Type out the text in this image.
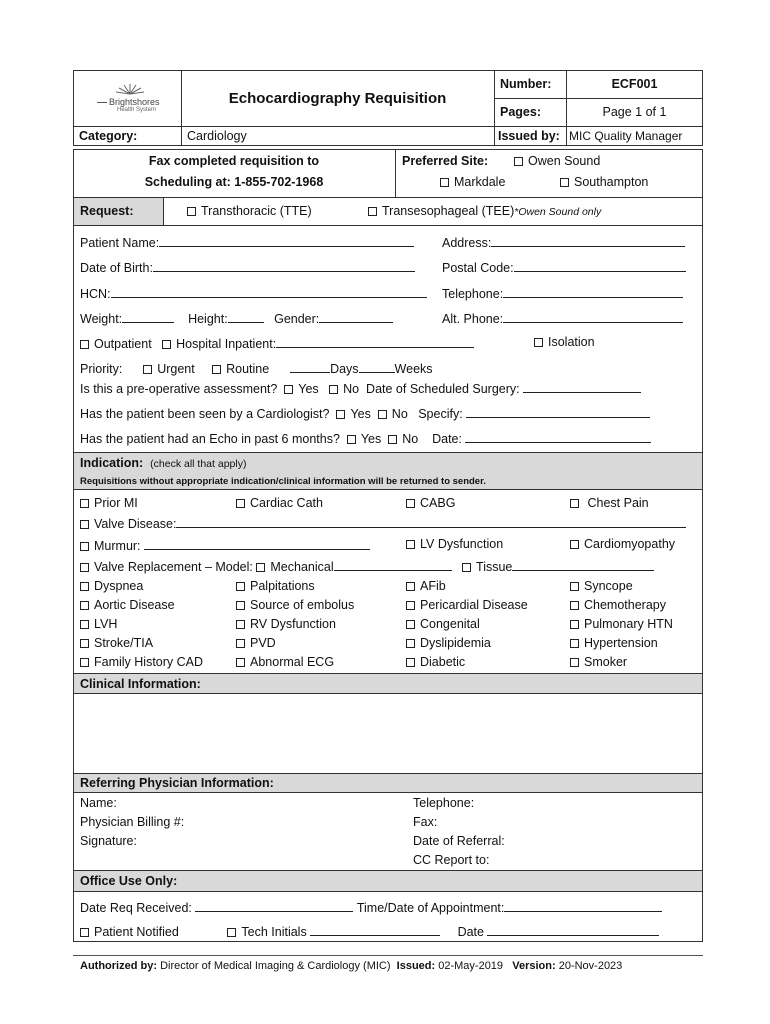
Brightshores
Health System
Echocardiography Requisition
Number:	ECF001
Pages:	Page 1 of 1
Category:	Cardiology	Issued by: MIC Quality Manager
Fax completed requisition to
Scheduling at: 1-855-702-1968
Preferred Site:	Owen Sound
Markdale	Southampton
Request:	Transthoracic (TTE)	Transesophageal (TEE)*Owen Sound only
Patient Name:	Address:
Date of Birth:	Postal Code:
HCN:	Telephone:
Weight:	Height:	Gender:	Alt. Phone:
Outpatient Hospital Inpatient:	Isolation
Priority:	Urgent	Routine	Days	Weeks
Is this a pre-operative assessment? Yes No Date of Scheduled Surgery:
Has the patient been seen by a Cardiologist? Yes No Specify:
Has the patient had an Echo in past 6 months? Yes No Date:
Indication: (check all that apply)
Requisitions without appropriate indication/clinical information will be returned to sender.
Prior MI	Cardiac Cath	CABG	Chest Pain
Valve Disease:
Murmur:	LV Dysfunction	Cardiomyopathy
Valve Replacement – Model: Mechanical	Tissue
Dyspnea	Palpitations	AFib	Syncope
Aortic Disease	Source of embolus	Pericardial Disease	Chemotherapy
LVH	RV Dysfunction	Congenital	Pulmonary HTN
Stroke/TIA	PVD	Dyslipidemia	Hypertension
Family History CAD	Abnormal ECG	Diabetic	Smoker
Clinical Information:
Referring Physician Information:
Name:
Physician Billing #:
Signature:
Telephone:
Fax:
Date of Referral:
CC Report to:
Office Use Only:
Date Req Received:	Time/Date of Appointment:
Patient Notified	Tech Initials	Date
Authorized by: Director of Medical Imaging & Cardiology (MIC) Issued: 02-May-2019 Version: 20-Nov-2023
